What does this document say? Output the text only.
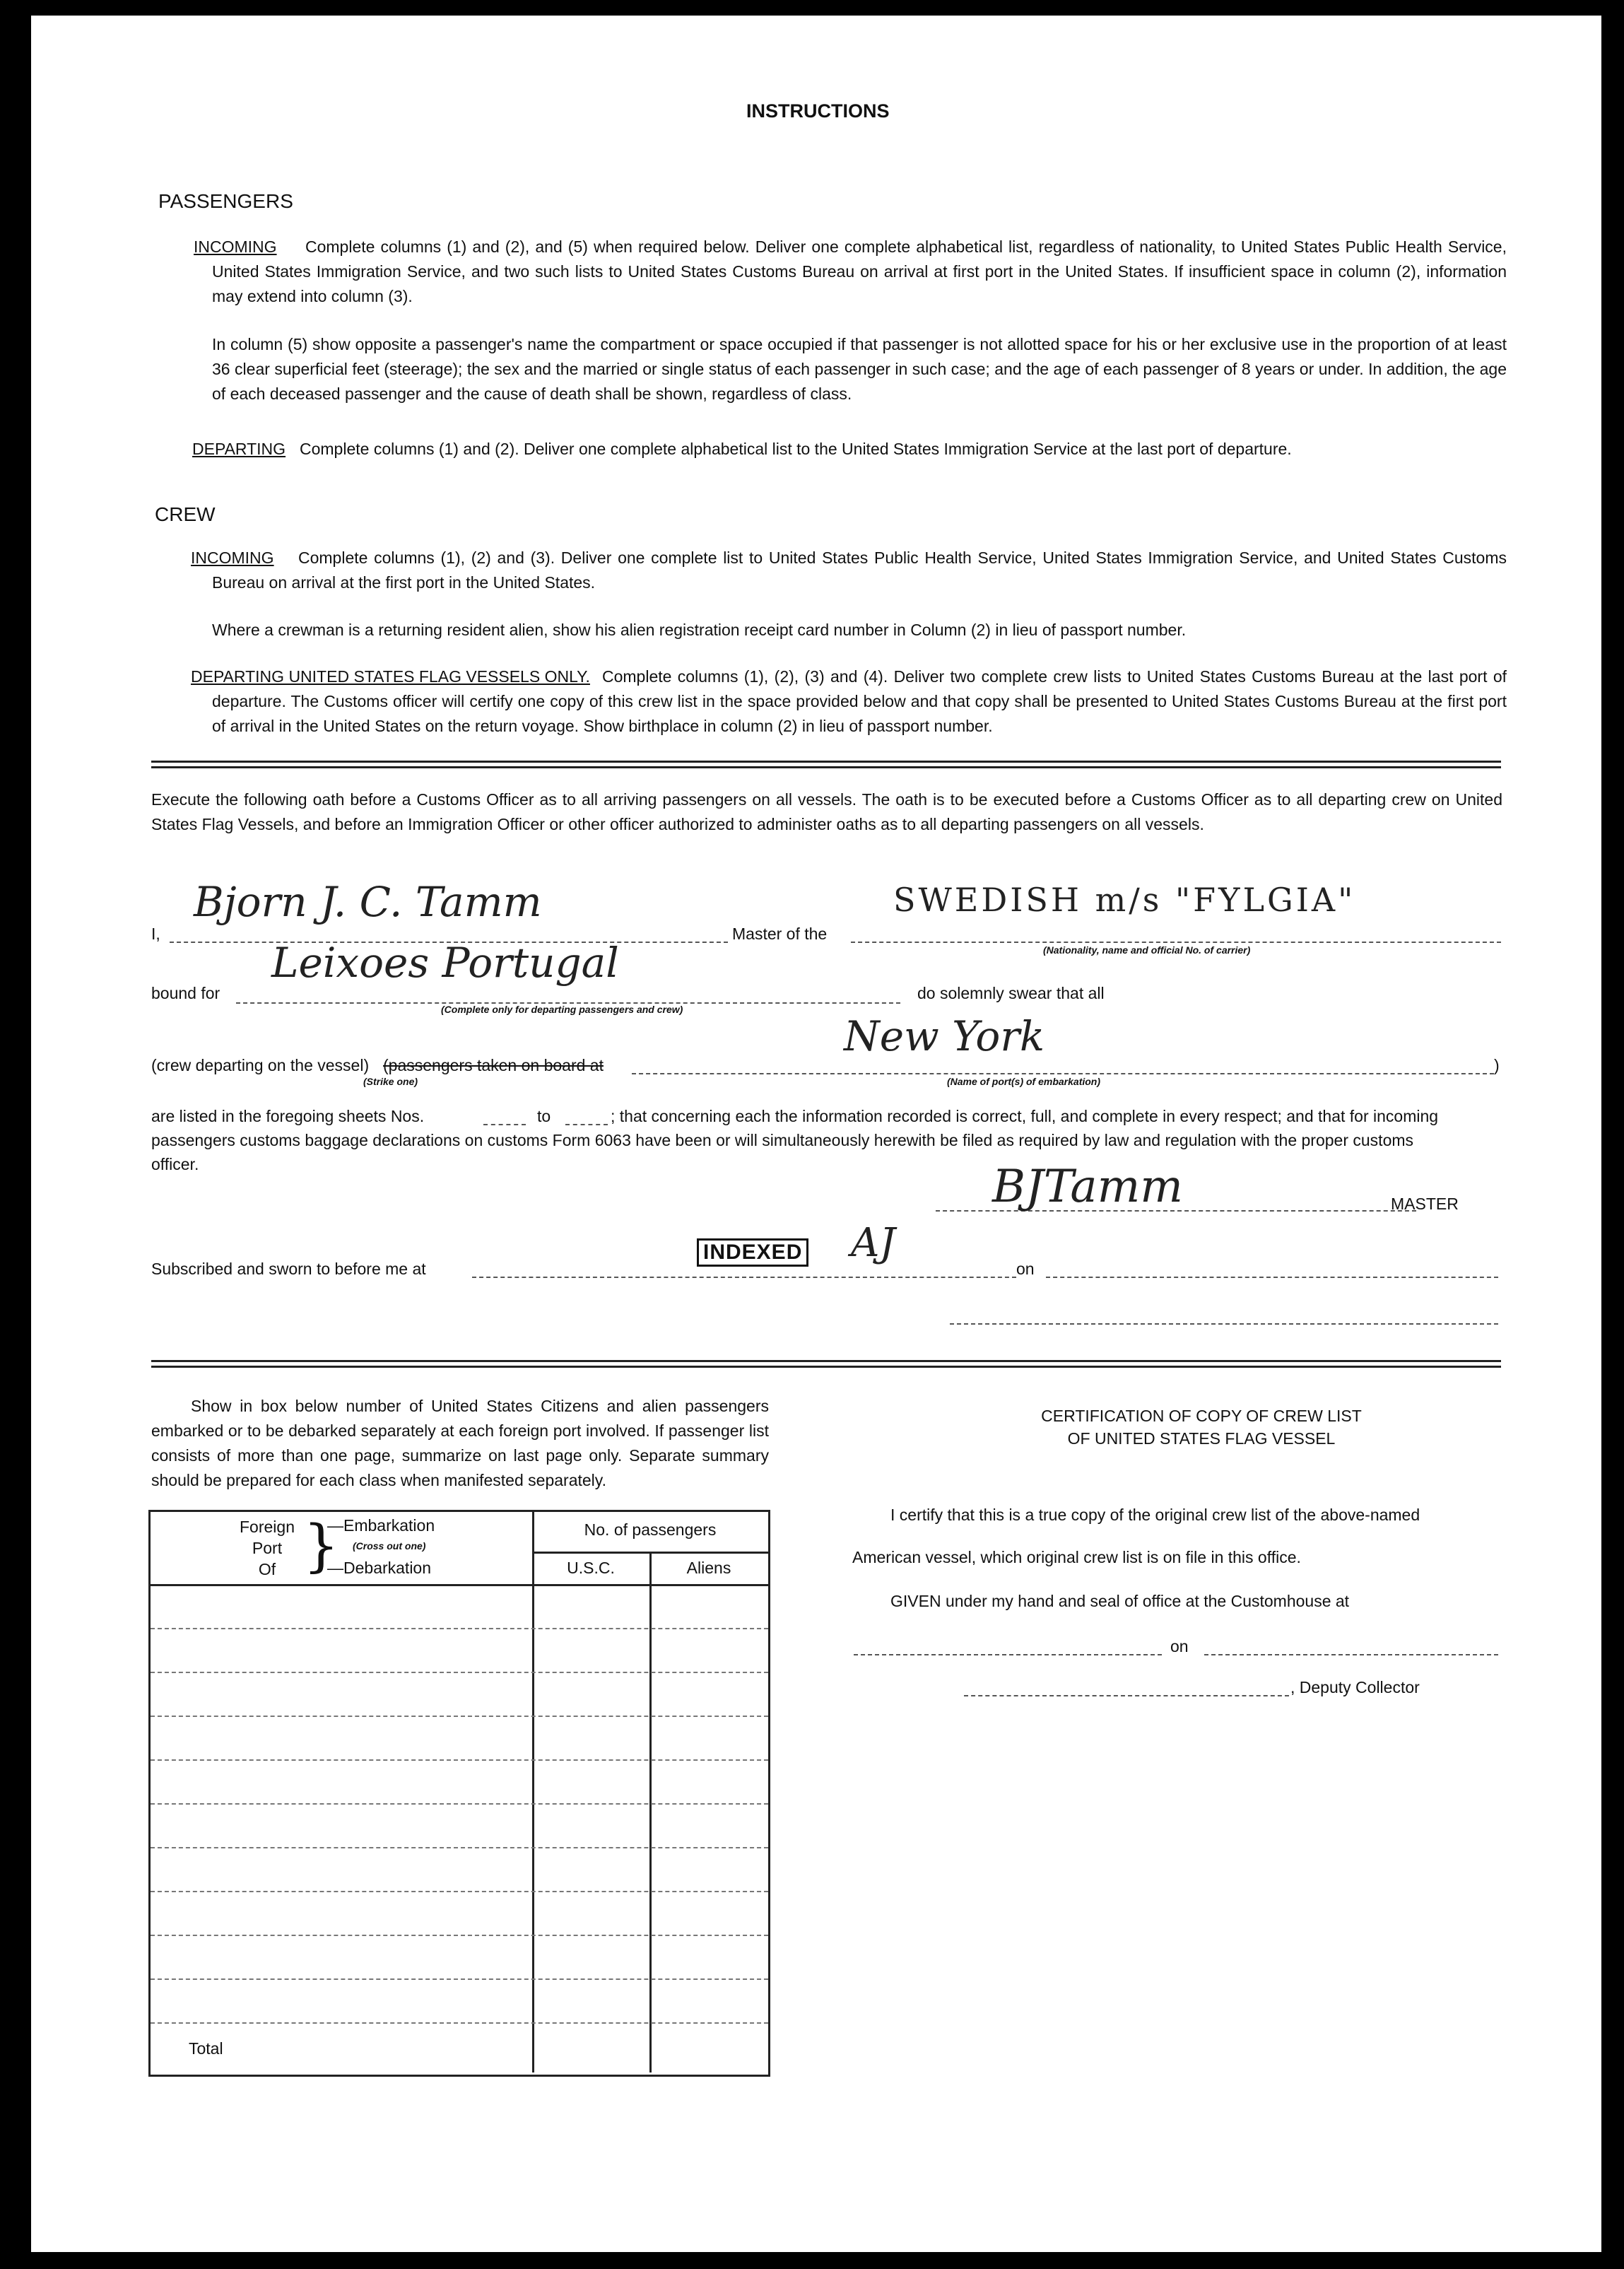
INSTRUCTIONS
PASSENGERS
INCOMING	Complete columns (1) and (2), and (5) when required below. Deliver one complete alphabetical list, regardless of nationality, to United States Public Health Service, United States Immigration Service, and two such lists to United States Customs Bureau on arrival at first port in the United States. If insufficient space in column (2), information may extend into column (3).
In column (5) show opposite a passenger's name the compartment or space occupied if that passenger is not allotted space for his or her exclusive use in the proportion of at least 36 clear superficial feet (steerage); the sex and the married or single status of each passenger in such case; and the age of each passenger of 8 years or under. In addition, the age of each deceased passenger and the cause of death shall be shown, regardless of class.
DEPARTING Complete columns (1) and (2). Deliver one complete alphabetical list to the United States Immigration Service at the last port of departure.
CREW
INCOMING	Complete columns (1), (2) and (3). Deliver one complete list to United States Public Health Service, United States Immigration Service, and United States Customs Bureau on arrival at the first port in the United States.
Where a crewman is a returning resident alien, show his alien registration receipt card number in Column (2) in lieu of passport number.
DEPARTING UNITED STATES FLAG VESSELS ONLY. Complete columns (1), (2), (3) and (4). Deliver two complete crew lists to United States Customs Bureau at the last port of departure. The Customs officer will certify one copy of this crew list in the space provided below and that copy shall be presented to United States Customs Bureau at the first port of arrival in the United States on the return voyage. Show birthplace in column (2) in lieu of passport number.
Execute the following oath before a Customs Officer as to all arriving passengers on all vessels. The oath is to be executed before a Customs Officer as to all departing crew on United States Flag Vessels, and before an Immigration Officer or other officer authorized to administer oaths as to all departing passengers on all vessels.
I,
Bjorn J. C. Tamm
Master of the
SWEDISH m/s "FYLGIA"
(Nationality, name and official No. of carrier)
bound for
Leixoes Portugal
(Complete only for departing passengers and crew)
do solemnly swear that all
(crew departing on the vessel) (passengers taken on board at
(Strike one)
New York
(Name of port(s) of embarkation)
)
are listed in the foregoing sheets Nos.	to	; that concerning each the information recorded is correct, full, and complete in every respect; and that for incoming
passengers customs baggage declarations on customs Form 6063 have been or will simultaneously herewith be filed as required by law and regulation with the proper customs
officer.	BJTamm	MASTER
Subscribed and sworn to before me at
INDEXED AJ
on
Show in box below number of United States Citizens and alien passengers embarked or to be debarked separately at each foreign port involved. If passenger list consists of more than one page, summarize on last page only. Separate summary should be prepared for each class when manifested separately.
Foreign
Port
Of }
—Embarkation
(Cross out one)
—Debarkation
No. of passengers
U.S.C.	Aliens
Total
CERTIFICATION OF COPY OF CREW LIST
OF UNITED STATES FLAG VESSEL
I certify that this is a true copy of the original crew list of the above-named
American vessel, which original crew list is on file in this office.
GIVEN under my hand and seal of office at the Customhouse at
on
, Deputy Collector
